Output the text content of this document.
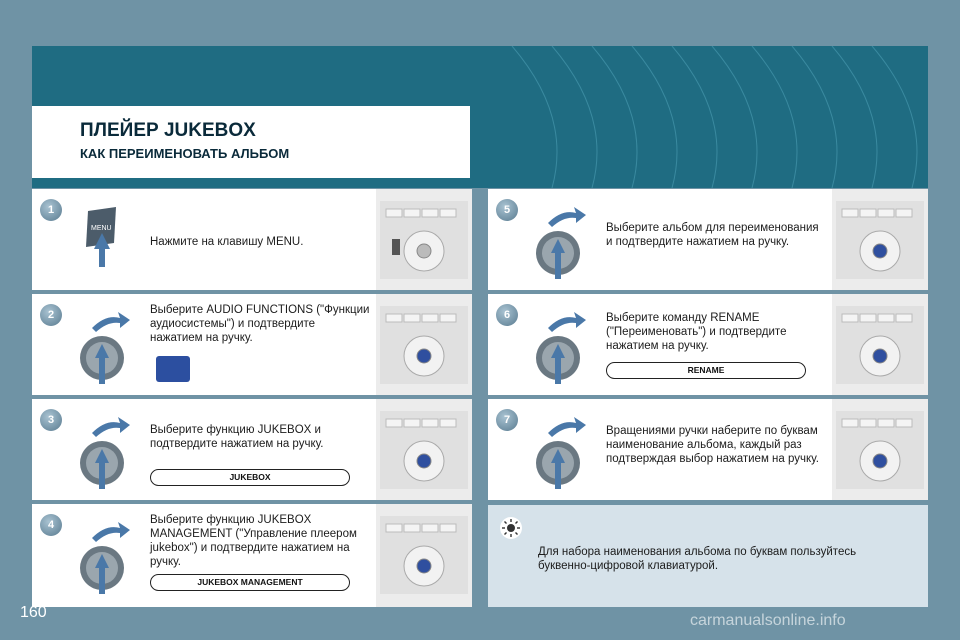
ПЛЕЙЕР JUKEBOX
КАК ПЕРЕИМЕНОВАТЬ АЛЬБОМ
1
MENU
Нажмите на клавишу MENU.
2	Выберите AUDIO FUNCTIONS ("Функции аудиосистемы") и подтвердите нажатием на ручку.
3
Выберите функцию JUKEBOX и подтвердите нажатием на ручку.
JUKEBOX
4	Выберите функцию JUKEBOX MANAGEMENT ("Управление плеером jukebox") и подтвердите нажатием на ручку.
JUKEBOX MANAGEMENT
5
Выберите альбом для переименования и подтвердите нажатием на ручку.
6	Выберите команду RENAME ("Переименовать") и подтвердите нажатием на ручку.
RENAME
7
Вращениями ручки наберите по буквам наименование альбома, каждый раз подтверждая выбор нажатием на ручку.
Для набора наименования альбома по буквам пользуйтесь буквенно-цифровой клавиатурой.
160	carmanualsonline.info
